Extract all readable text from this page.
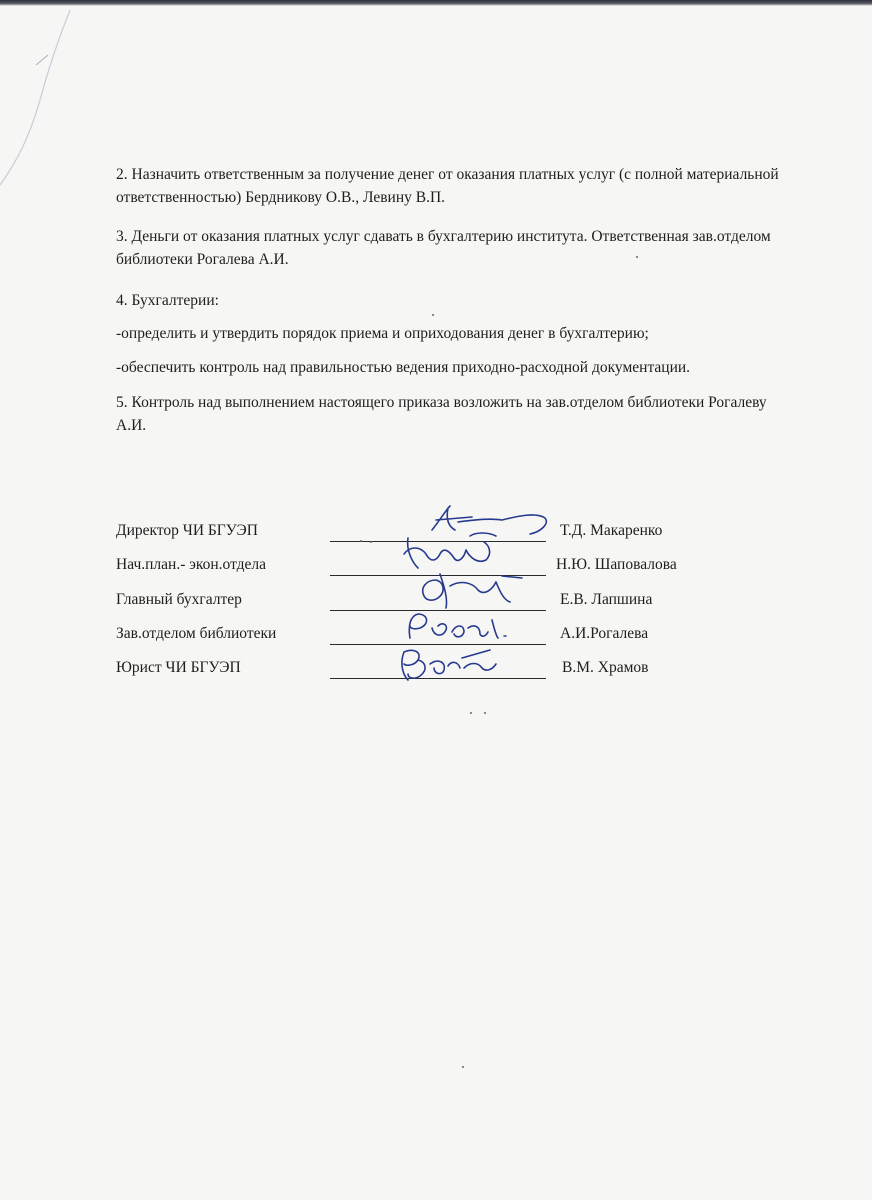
2. Назначить ответственным за получение денег от оказания платных услуг (с полной материальной ответственностью) Бердникову О.В., Левину В.П.

3. Деньги от оказания платных услуг сдавать в бухгалтерию института. Ответственная зав.отделом библиотеки Рогалева А.И.

4. Бухгалтерии:

-определить и утвердить порядок приема и оприходования денег в бухгалтерию;

-обеспечить контроль над правильностью ведения приходно-расходной документации.

5. Контроль над выполнением настоящего приказа возложить на зав.отделом библиотеки Рогалеву А.И.

Директор ЧИ БГУЭП	Т.Д. Макаренко
Нач.план.- экон.отдела	Н.Ю. Шаповалова
Главный бухгалтер	Е.В. Лапшина
Зав.отделом библиотеки	А.И.Рогалева
Юрист ЧИ БГУЭП	В.М. Храмов
